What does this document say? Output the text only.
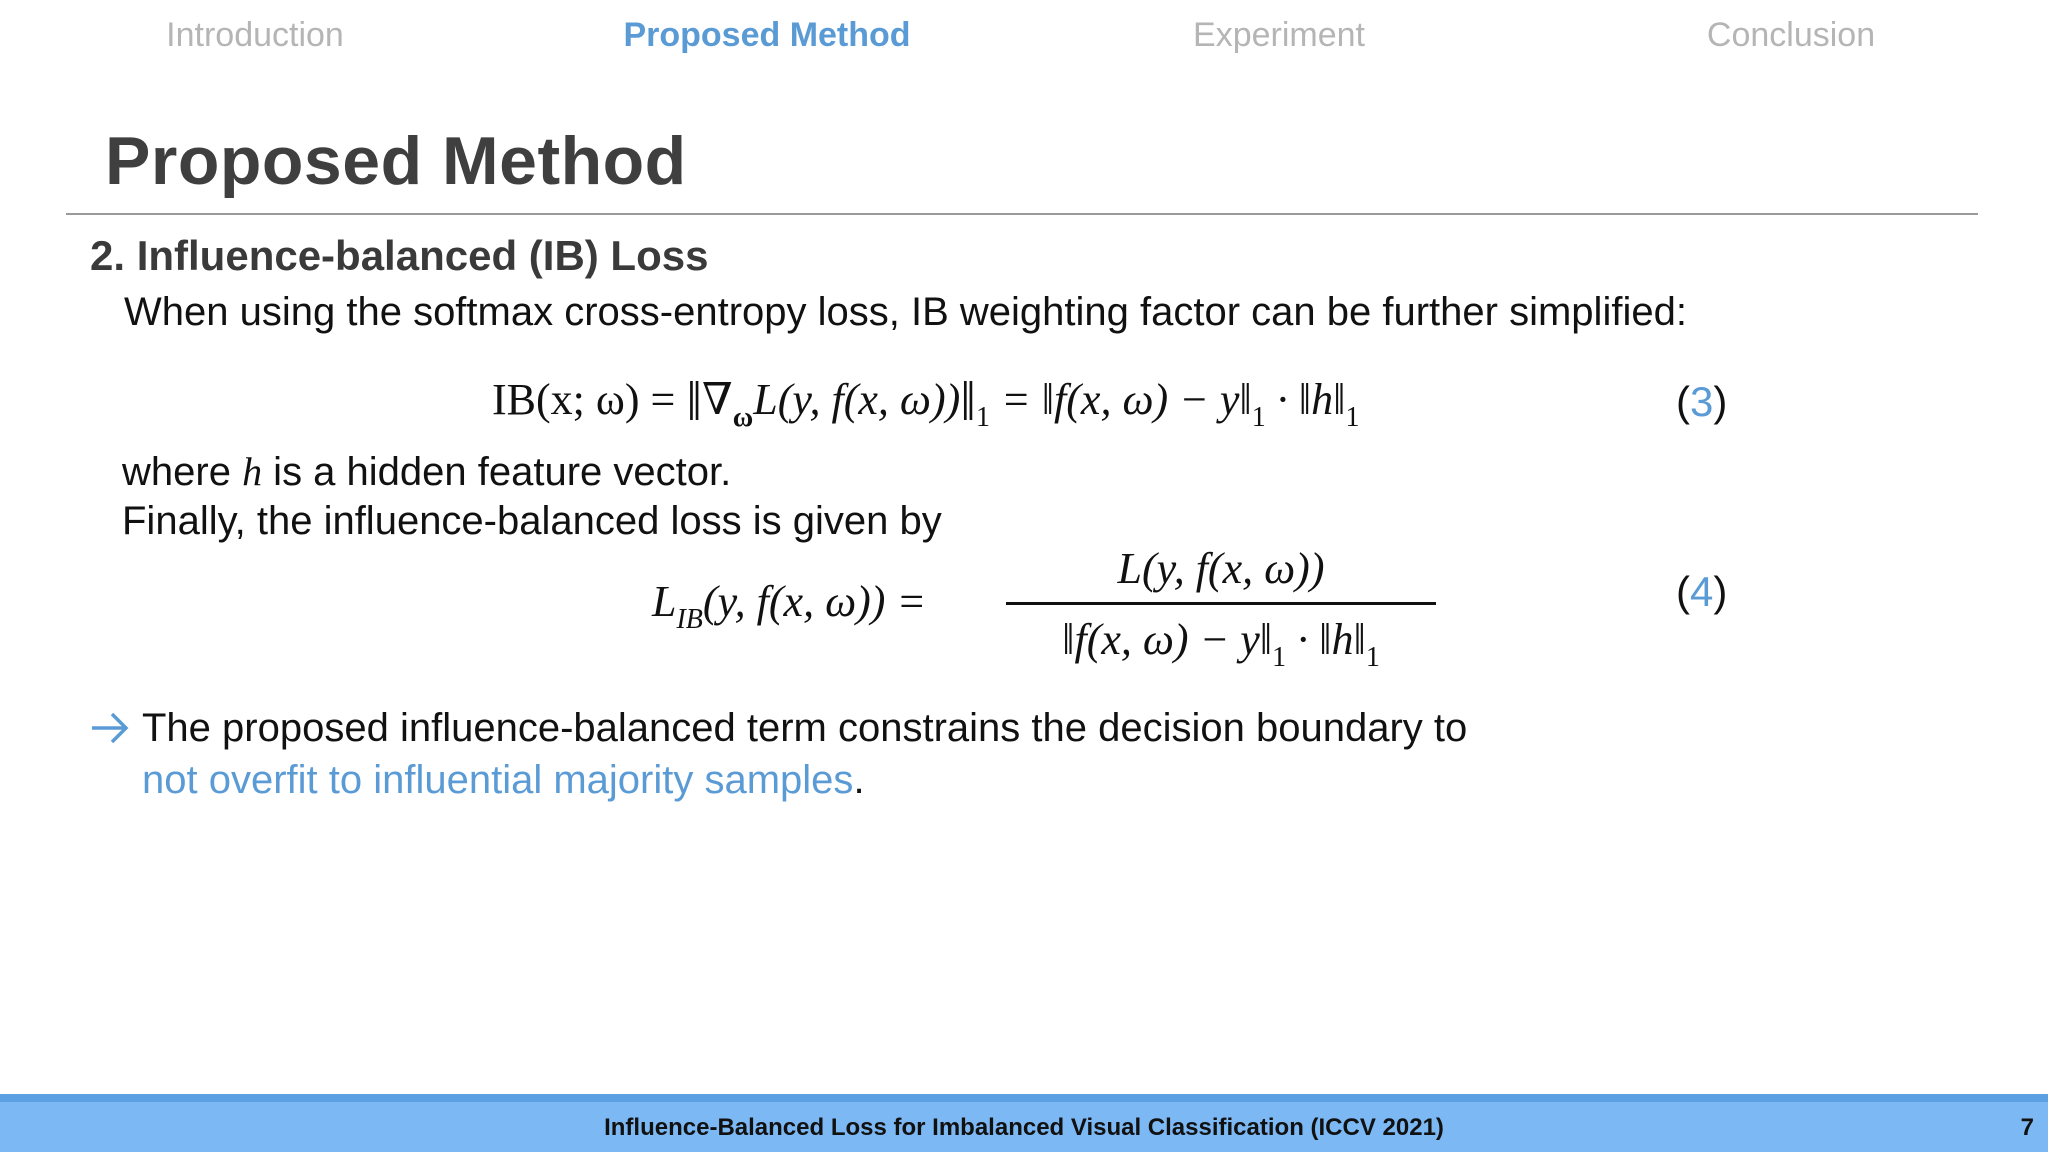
Introduction	Proposed Method	Experiment	Conclusion
Proposed Method
2. Influence-balanced (IB) Loss
When using the softmax cross-entropy loss, IB weighting factor can be further simplified:
IB(x; $\omega) = ‖\nabla_\omega L(y$, f(x, $\omega))‖_1$ = ‖f(x, $\omega) - y‖_1$ · $‖h‖_1$	(3)
where h is a hidden feature vector.
Finally, the influence-balanced loss is given by
$L_{IB}(y$, f(x, ω)) =
L(y, f(x, ω))
‖f(x, $\omega) - y‖_1$ · $‖h‖_1$
(4)
The proposed influence-balanced term constrains the decision boundary to
not overfit to influential majority samples.
Influence-Balanced Loss for Imbalanced Visual Classification (ICCV 2021)	7
